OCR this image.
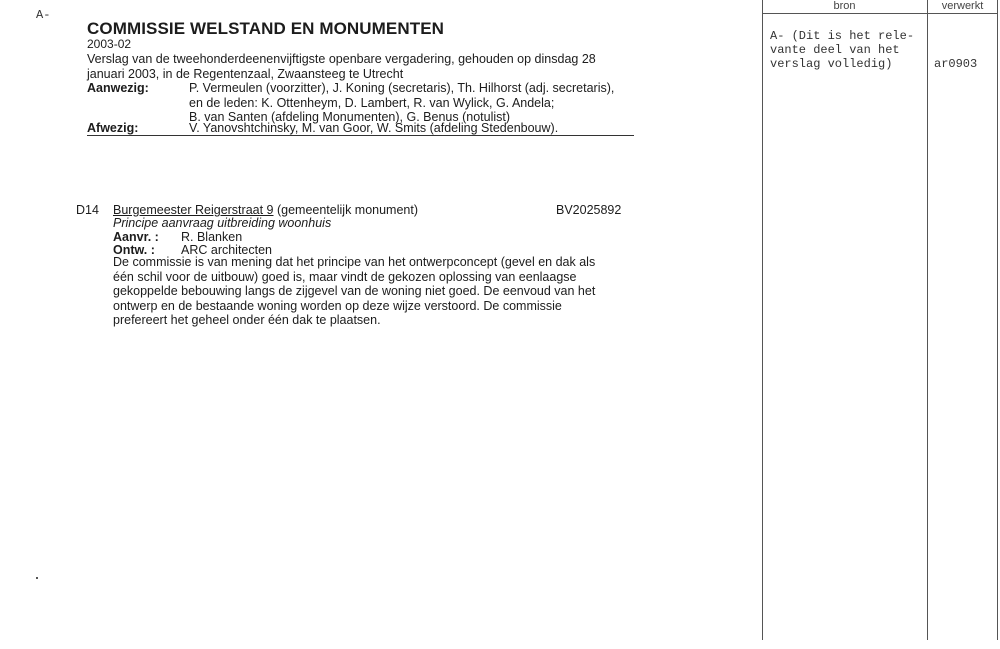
A-
COMMISSIE WELSTAND EN MONUMENTEN
2003-02
Verslag van de tweehonderdeenenvijftigste openbare vergadering, gehouden op dinsdag 28 januari 2003, in de Regentenzaal, Zwaansteeg te Utrecht
Aanwezig:	P. Vermeulen (voorzitter), J. Koning (secretaris), Th. Hilhorst (adj. secretaris),
en de leden: K. Ottenheym, D. Lambert, R. van Wylick, G. Andela;
B. van Santen (afdeling Monumenten), G. Benus (notulist)
Afwezig:	V. Yanovshtchinsky, M. van Goor, W. Smits (afdeling Stedenbouw).
D14 Burgemeester Reigerstraat 9 (gemeentelijk monument)	BV2025892
Principe aanvraag uitbreiding woonhuis
Aanvr. : R. Blanken
Ontw. : ARC architecten
De commissie is van mening dat het principe van het ontwerpconcept (gevel en dak als
één schil voor de uitbouw) goed is, maar vindt de gekozen oplossing van eenlaagse
gekoppelde bebouwing langs de zijgevel van de woning niet goed. De eenvoud van het
ontwerp en de bestaande woning worden op deze wijze verstoord. De commissie
prefereert het geheel onder één dak te plaatsen.
bron	verwerkt
A- (Dit is het rele-
vante deel van het
verslag volledig)	ar0903
